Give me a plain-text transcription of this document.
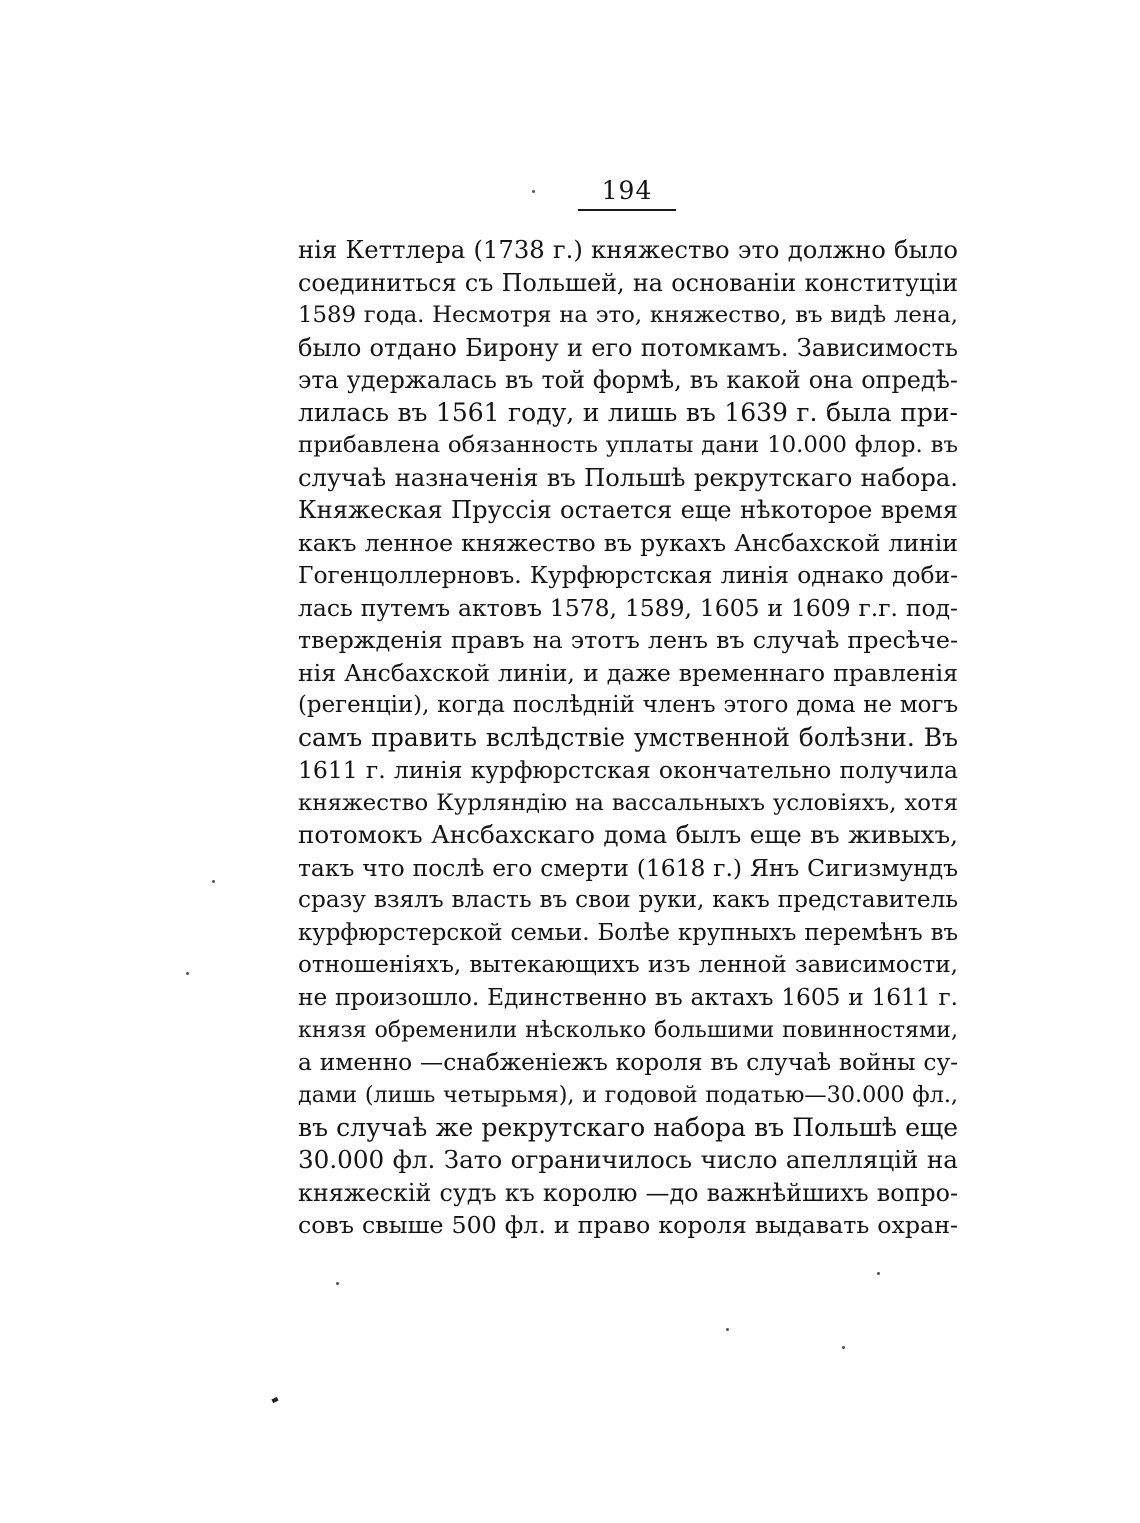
194
нія Кеттлера (1738 г.) княжество это должно было
соединиться съ Польшей, на основаніи конституціи
1589 года. Несмотря на это, княжество, въ видѣ лена,
было отдано Бирону и его потомкамъ. Зависимость
эта удержалась въ той формѣ, въ какой она опредѣ-
лилась въ 1561 году, и лишь въ 1639 г. была при-
прибавлена обязанность уплаты дани 10.000 флор. въ
случаѣ назначенія въ Польшѣ рекрутскаго набора.
Княжеская Пруссія остается еще нѣкоторое время
какъ ленное княжество въ рукахъ Ансбахской линіи
Гогенцоллерновъ. Курфюрстская линія однако доби-
лась путемъ актовъ 1578, 1589, 1605 и 1609 г.г. под-
твержденія правъ на этотъ ленъ въ случаѣ пресѣче-
нія Ансбахской линіи, и даже временнаго правленія
(регенціи), когда послѣдній членъ этого дома не могъ
самъ править вслѣдствіе умственной болѣзни. Въ
1611 г. линія курфюрстская окончательно получила
княжество Курляндію на вассальныхъ условіяхъ, хотя
потомокъ Ансбахскаго дома былъ еще въ живыхъ,
такъ что послѣ его смерти (1618 г.) Янъ Сигизмундъ
сразу взялъ власть въ свои руки, какъ представитель
курфюрстерской семьи. Болѣе крупныхъ перемѣнъ въ
отношеніяхъ, вытекающихъ изъ ленной зависимости,
не произошло. Единственно въ актахъ 1605 и 1611 г.
князя обременили нѣсколько большими повинностями,
а именно —снабженіежъ короля въ случаѣ войны су-
дами (лишь четырьмя), и годовой податью—30.000 фл.,
въ случаѣ же рекрутскаго набора въ Польшѣ еще
30.000 фл. Зато ограничилось число апелляцій на
княжескій судъ къ королю —до важнѣйшихъ вопро-
совъ свыше 500 фл. и право короля выдавать охран-
